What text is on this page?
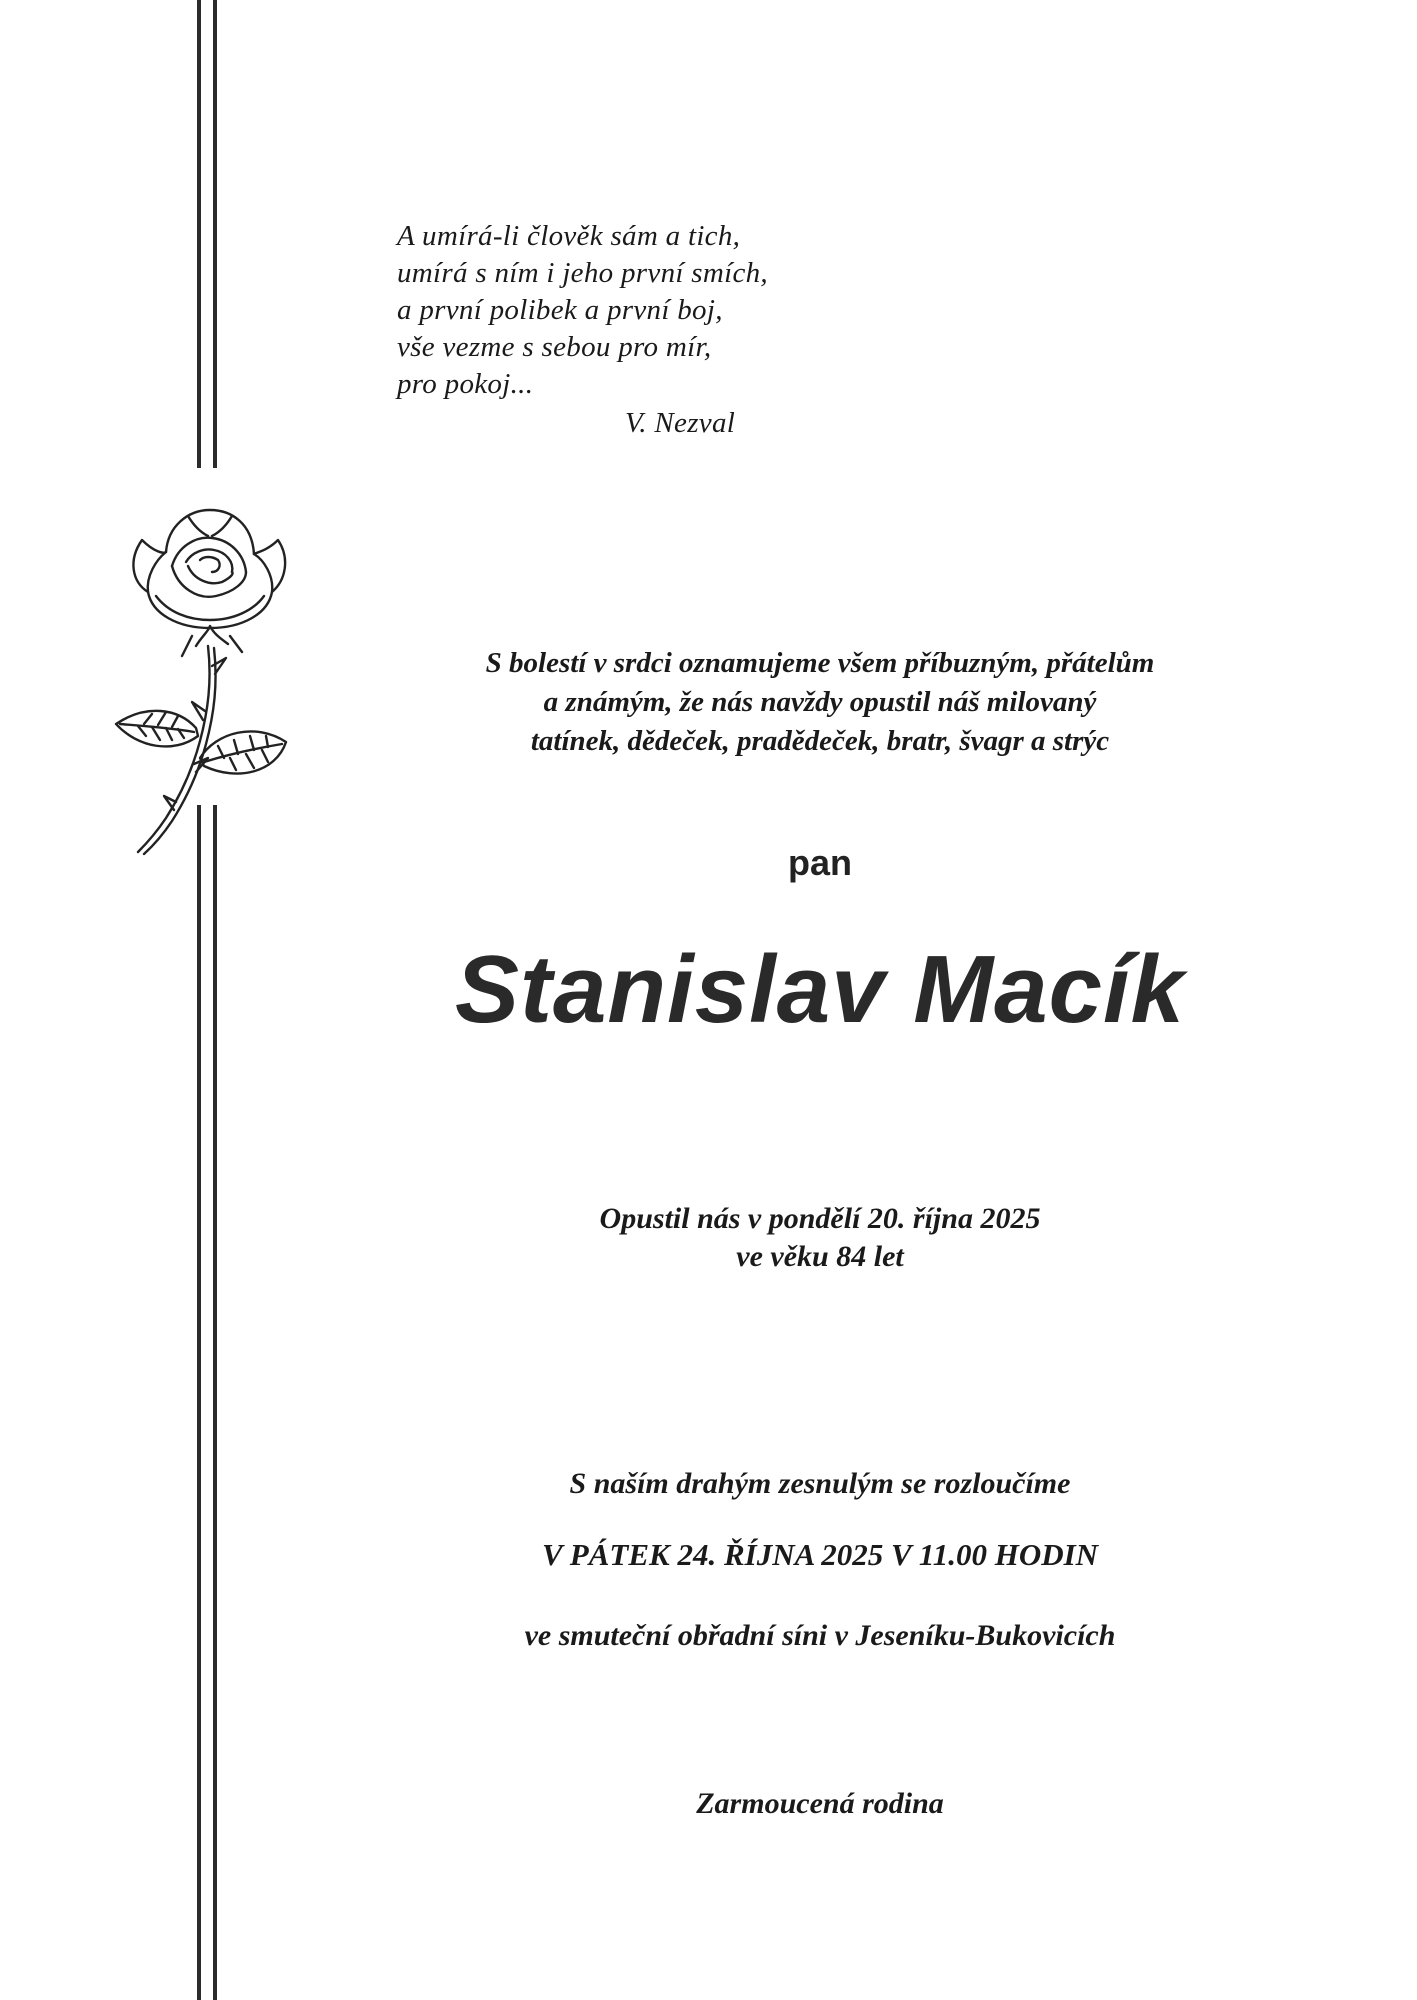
A umírá-li člověk sám a tich,
umírá s ním i jeho první smích,
a první polibek a první boj,
vše vezme s sebou pro mír,
pro pokoj...
V. Nezval
S bolestí v srdci oznamujeme všem příbuzným, přátelům
a známým, že nás navždy opustil náš milovaný
tatínek, dědeček, pradědeček, bratr, švagr a strýc
pan
Stanislav Macík
Opustil nás v pondělí 20. října 2025
ve věku 84 let
S naším drahým zesnulým se rozloučíme
V PÁTEK 24. ŘÍJNA 2025 V 11.00 HODIN
ve smuteční obřadní síni v Jeseníku-Bukovicích
Zarmoucená rodina
